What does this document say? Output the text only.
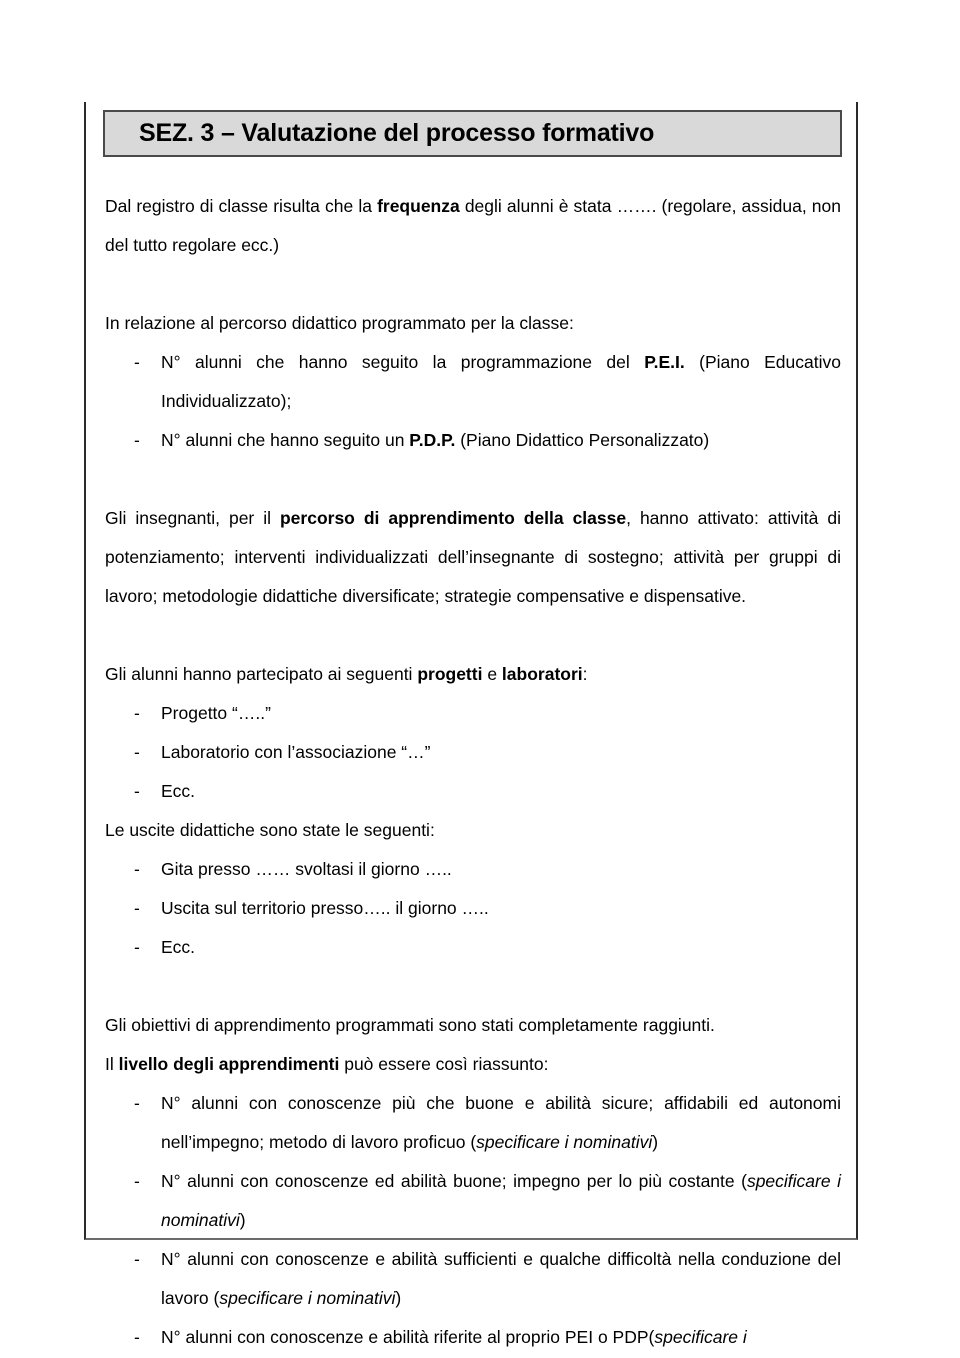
SEZ. 3 – Valutazione del processo formativo

Dal registro di classe risulta che la frequenza degli alunni è stata ……. (regolare, assidua, non del tutto regolare ecc.)

In relazione al percorso didattico programmato per la classe:

- N° alunni che hanno seguito la programmazione del P.E.I. (Piano Educativo Individualizzato);
- N° alunni che hanno seguito un P.D.P. (Piano Didattico Personalizzato)

Gli insegnanti, per il percorso di apprendimento della classe, hanno attivato: attività di potenziamento; interventi individualizzati dell’insegnante di sostegno; attività per gruppi di lavoro; metodologie didattiche diversificate; strategie compensative e dispensative.

Gli alunni hanno partecipato ai seguenti progetti e laboratori:

- Progetto “…..”
- Laboratorio con l’associazione “…”
- Ecc.

Le uscite didattiche sono state le seguenti:

- Gita presso …… svoltasi il giorno …..
- Uscita sul territorio presso….. il giorno …..
- Ecc.

Gli obiettivi di apprendimento programmati sono stati completamente raggiunti.

Il livello degli apprendimenti può essere così riassunto:

- N° alunni con conoscenze più che buone e abilità sicure; affidabili ed autonomi nell’impegno; metodo di lavoro proficuo (specificare i nominativi)
- N° alunni con conoscenze ed abilità buone; impegno per lo più costante (specificare i nominativi)
- N° alunni con conoscenze e abilità sufficienti e qualche difficoltà nella conduzione del lavoro (specificare i nominativi)
- N° alunni con conoscenze e abilità riferite al proprio PEI o PDP(specificare i
